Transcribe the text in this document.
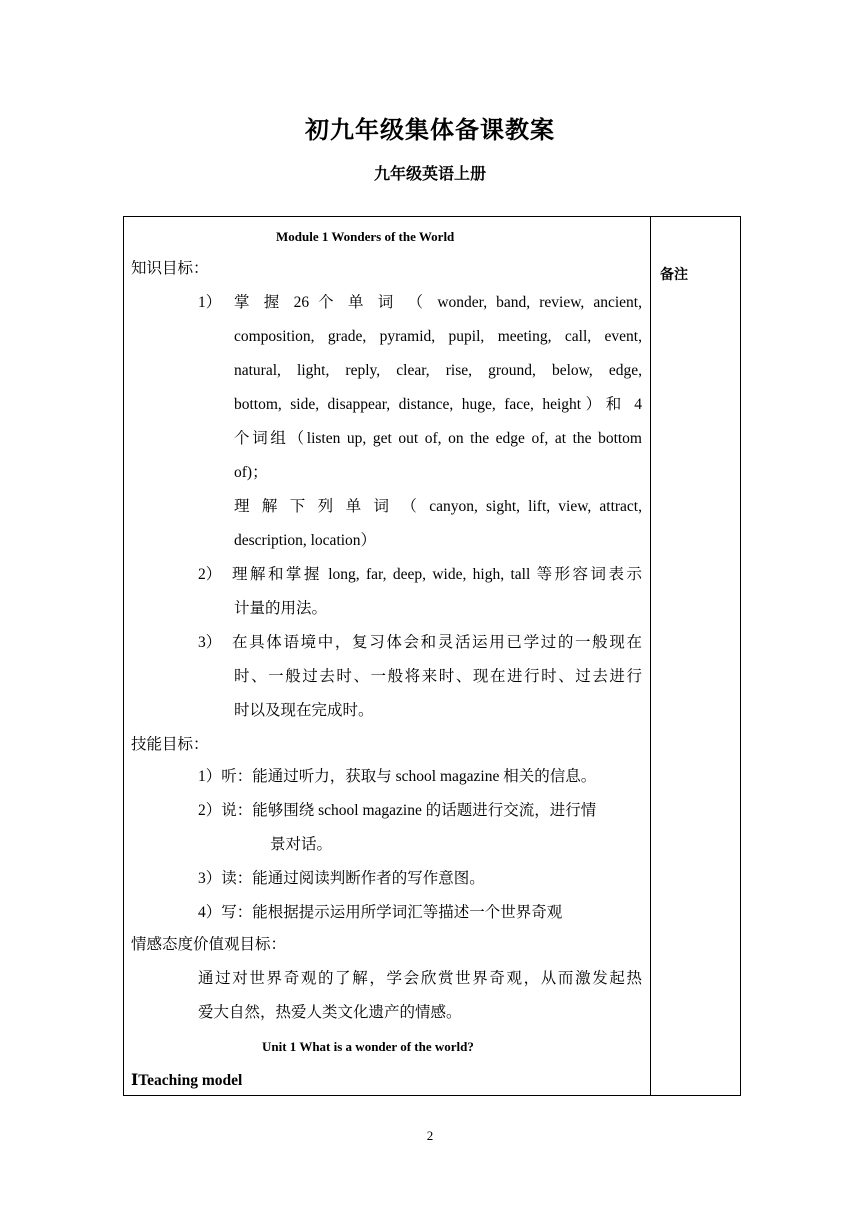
初九年级集体备课教案
九年级英语上册
备注
Module 1 Wonders of the World
知识目标：
1） 掌 握 26 个 单 词 （ wonder, band, review, ancient,
composition, grade, pyramid, pupil, meeting, call, event,
natural, light, reply, clear, rise, ground, below, edge,
bottom, side, disappear, distance, huge, face, height）和 4
个词组（listen up, get out of, on the edge of, at the bottom
of)；
理 解 下 列 单 词 （ canyon, sight, lift, view, attract,
description, location）
2） 理解和掌握 long, far, deep, wide, high, tall 等形容词表示
计量的用法。
3） 在具体语境中，复习体会和灵活运用已学过的一般现在
时、一般过去时、一般将来时、现在进行时、过去进行
时以及现在完成时。
技能目标：
1）听：能通过听力，获取与 school magazine 相关的信息。
2）说：能够围绕 school magazine 的话题进行交流，进行情
景对话。
3）读：能通过阅读判断作者的写作意图。
4）写：能根据提示运用所学词汇等描述一个世界奇观
情感态度价值观目标：
通过对世界奇观的了解，学会欣赏世界奇观，从而激发起热
爱大自然，热爱人类文化遗产的情感。
Unit 1 What is a wonder of the world?
ⅠTeaching model
2
